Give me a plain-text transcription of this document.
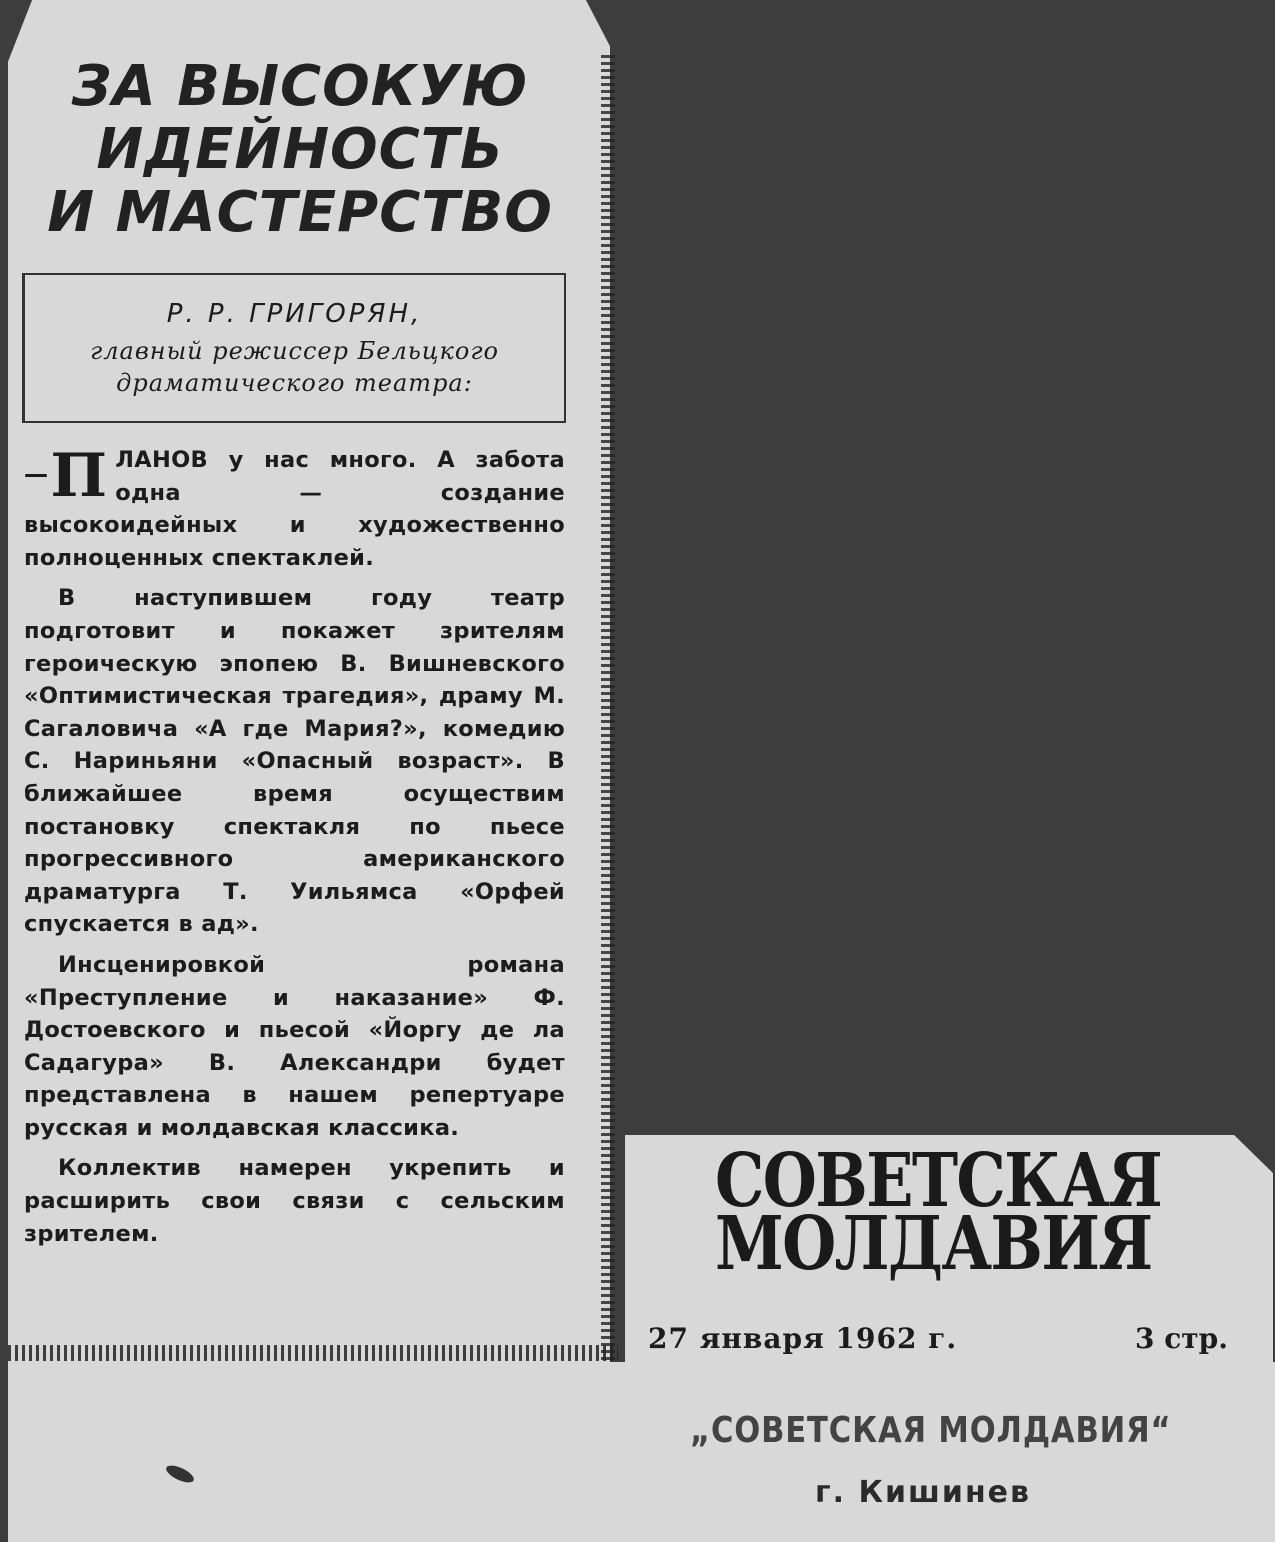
ЗА ВЫСОКУЮ
ИДЕЙНОСТЬ
И МАСТЕРСТВО
Р. Р. ГРИГОРЯН,
главный режиссер Бельцкого
драматического театра:

— П ЛАНОВ у нас много. А забота одна — создание высокоидейных и художественно полноценных спектаклей.

В наступившем году театр подготовит и покажет зрителям героическую эпопею В. Вишневского «Оптимистическая трагедия», драму М. Сагаловича «А где Мария?», комедию С. Нариньяни «Опасный возраст». В ближайшее время осуществим постановку спектакля по пьесе прогрессивного американского драматурга Т. Уильямса «Орфей спускается в ад».

Инсценировкой романа «Преступление и наказание» Ф. Достоевского и пьесой «Йоргу де ла Садагура» В. Александри будет представлена в нашем репертуаре русская и молдавская классика.

Коллектив намерен укрепить и расширить свои связи с сельским зрителем.

СОВЕТСКАЯ
МОЛДАВИЯ
27 января 1962 г.	3 стр.
„СОВЕТСКАЯ МОЛДАВИЯ“
г. Кишинев
